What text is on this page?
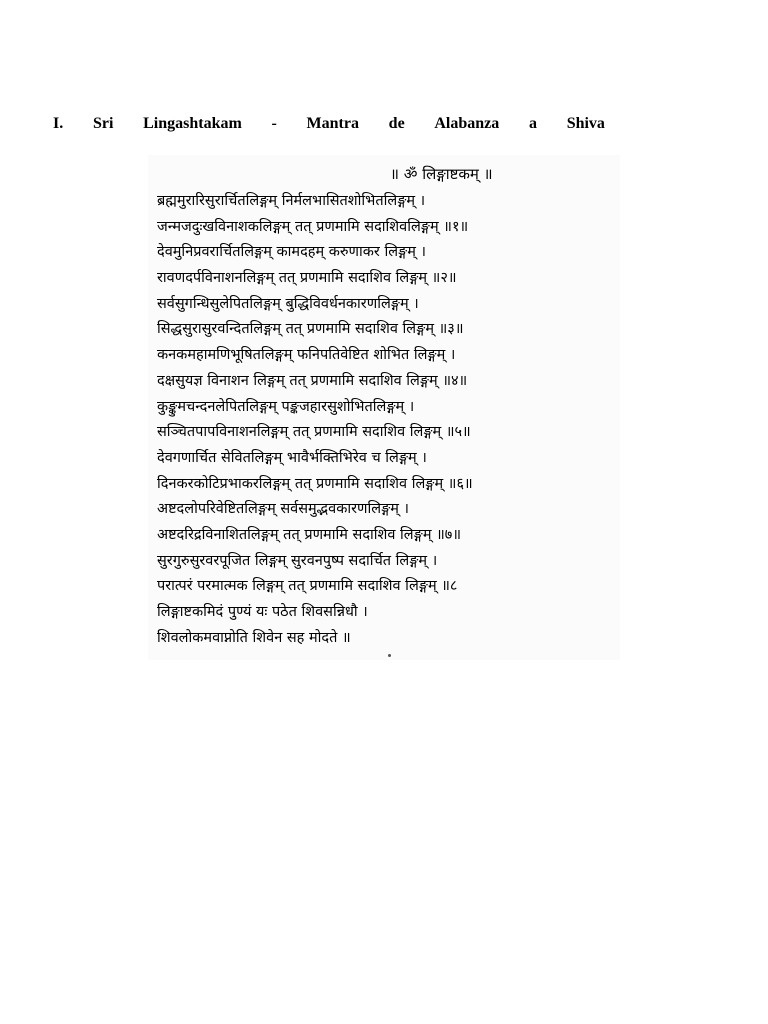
I. Sri Lingashtakam - Mantra de Alabanza a Shiva
॥ ॐ लिङ्गाष्टकम् ॥
ब्रह्ममुरारिसुरार्चितलिङ्गम् निर्मलभासितशोभितलिङ्गम् ।
जन्मजदुःखविनाशकलिङ्गम् तत् प्रणमामि सदाशिवलिङ्गम् ॥१॥
देवमुनिप्रवरार्चितलिङ्गम् कामदहम् करुणाकर लिङ्गम् ।
रावणदर्पविनाशनलिङ्गम् तत् प्रणमामि सदाशिव लिङ्गम् ॥२॥
सर्वसुगन्धिसुलेपितलिङ्गम् बुद्धिविवर्धनकारणलिङ्गम् ।
सिद्धसुरासुरवन्दितलिङ्गम् तत् प्रणमामि सदाशिव लिङ्गम् ॥३॥
कनकमहामणिभूषितलिङ्गम् फनिपतिवेष्टित शोभित लिङ्गम् ।
दक्षसुयज्ञ विनाशन लिङ्गम् तत् प्रणमामि सदाशिव लिङ्गम् ॥४॥
कुङ्कुमचन्दनलेपितलिङ्गम् पङ्कजहारसुशोभितलिङ्गम् ।
सञ्चितपापविनाशनलिङ्गम् तत् प्रणमामि सदाशिव लिङ्गम् ॥५॥
देवगणार्चित सेवितलिङ्गम् भावैर्भक्तिभिरेव च लिङ्गम् ।
दिनकरकोटिप्रभाकरलिङ्गम् तत् प्रणमामि सदाशिव लिङ्गम् ॥६॥
अष्टदलोपरिवेष्टितलिङ्गम् सर्वसमुद्भवकारणलिङ्गम् ।
अष्टदरिद्रविनाशितलिङ्गम् तत् प्रणमामि सदाशिव लिङ्गम् ॥७॥
सुरगुरुसुरवरपूजित लिङ्गम् सुरवनपुष्प सदार्चित लिङ्गम् ।
परात्परं परमात्मक लिङ्गम् तत् प्रणमामि सदाशिव लिङ्गम् ॥८
लिङ्गाष्टकमिदं पुण्यं यः पठेत शिवसन्निधौ ।
शिवलोकमवाप्नोति शिवेन सह मोदते ॥
